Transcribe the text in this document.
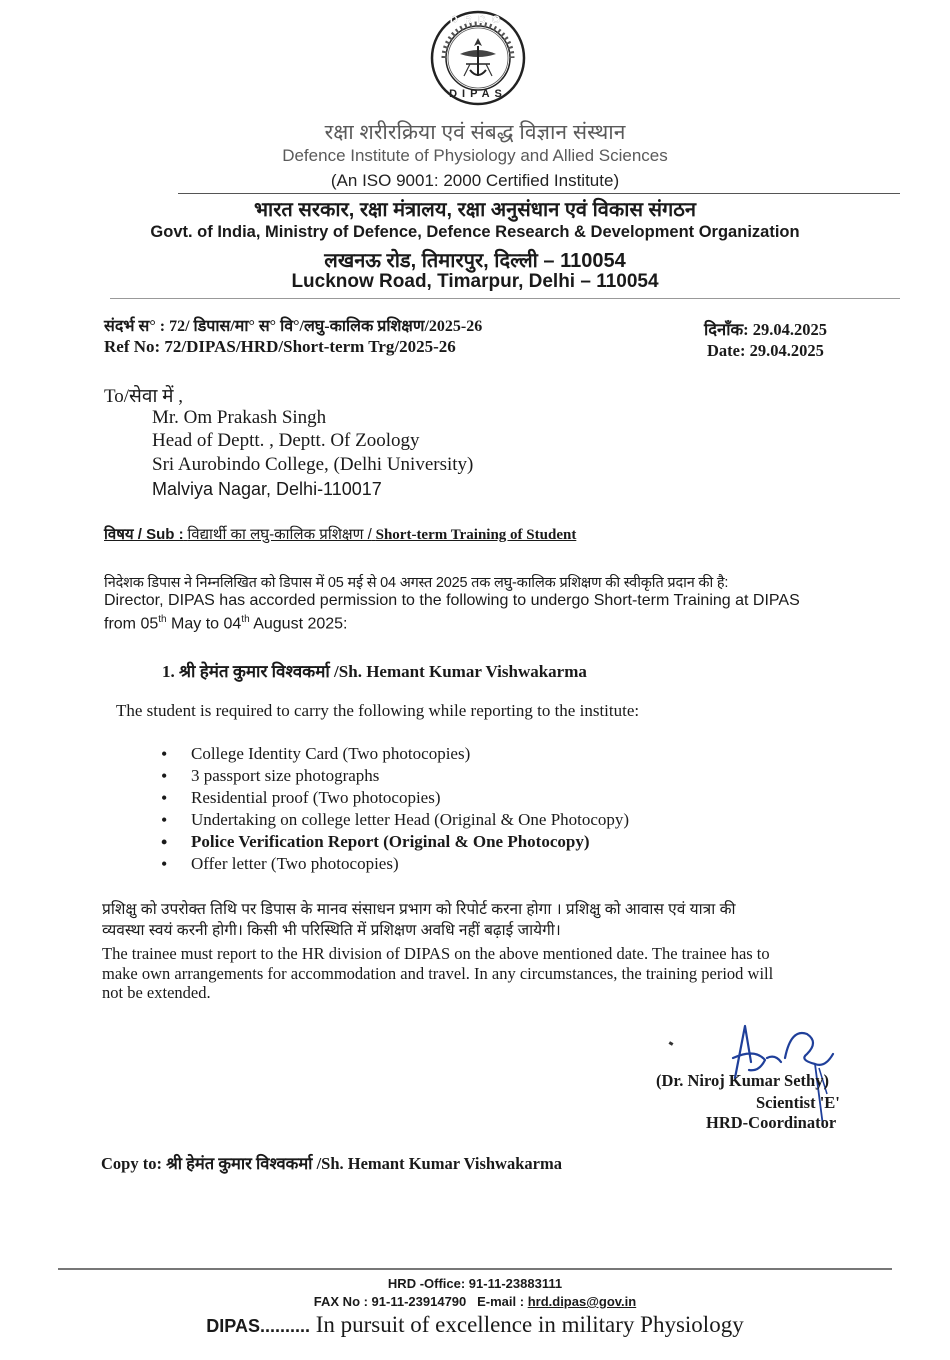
DRDO
DIPAS
रक्षा शरीरक्रिया एवं संबद्ध विज्ञान संस्थान
Defence Institute of Physiology and Allied Sciences
(An ISO 9001: 2000 Certified Institute)
भारत सरकार, रक्षा मंत्रालय, रक्षा अनुसंधान एवं विकास संगठन
Govt. of India, Ministry of Defence, Defence Research & Development Organization
लखनऊ रोड, तिमारपुर, दिल्ली – 110054
Lucknow Road, Timarpur, Delhi – 110054
संदर्भ स° : 72/ डिपास/मा° स° वि°/लघु-कालिक प्रशिक्षण/2025-26
Ref No: 72/DIPAS/HRD/Short-term Trg/2025-26
दिनाँक: 29.04.2025
Date: 29.04.2025
To/सेवा में ,
Mr. Om Prakash Singh
Head of Deptt. , Deptt. Of Zoology
Sri Aurobindo College, (Delhi University)
Malviya Nagar, Delhi-110017
विषय / Sub : विद्यार्थी का लघु-कालिक प्रशिक्षण / Short-term Training of Student
निदेशक डिपास ने निम्नलिखित को डिपास में 05 मई से 04 अगस्त 2025 तक लघु-कालिक प्रशिक्षण की स्वीकृति प्रदान की है:
Director, DIPAS has accorded permission to the following to undergo Short-term Training at DIPAS
from 05th May to 04th August 2025:
1. श्री हेमंत कुमार विश्वकर्मा /Sh. Hemant Kumar Vishwakarma
The student is required to carry the following while reporting to the institute:
• College Identity Card (Two photocopies)
• 3 passport size photographs
• Residential proof (Two photocopies)
• Undertaking on college letter Head (Original & One Photocopy)
• Police Verification Report (Original & One Photocopy)
• Offer letter (Two photocopies)
प्रशिक्षु को उपरोक्त तिथि पर डिपास के मानव संसाधन प्रभाग को रिपोर्ट करना होगा । प्रशिक्षु को आवास एवं यात्रा की
व्यवस्था स्वयं करनी होगी। किसी भी परिस्थिति में प्रशिक्षण अवधि नहीं बढ़ाई जायेगी।
The trainee must report to the HR division of DIPAS on the above mentioned date. The trainee has to
make own arrangements for accommodation and travel. In any circumstances, the training period will
not be extended.
(Dr. Niroj Kumar Sethy)
Scientist 'E'
HRD-Coordinator
Copy to: श्री हेमंत कुमार विश्वकर्मा /Sh. Hemant Kumar Vishwakarma
HRD -Office: 91-11-23883111
FAX No : 91-11-23914790 E-mail : hrd.dipas@gov.in
DIPAS.......... In pursuit of excellence in military Physiology
